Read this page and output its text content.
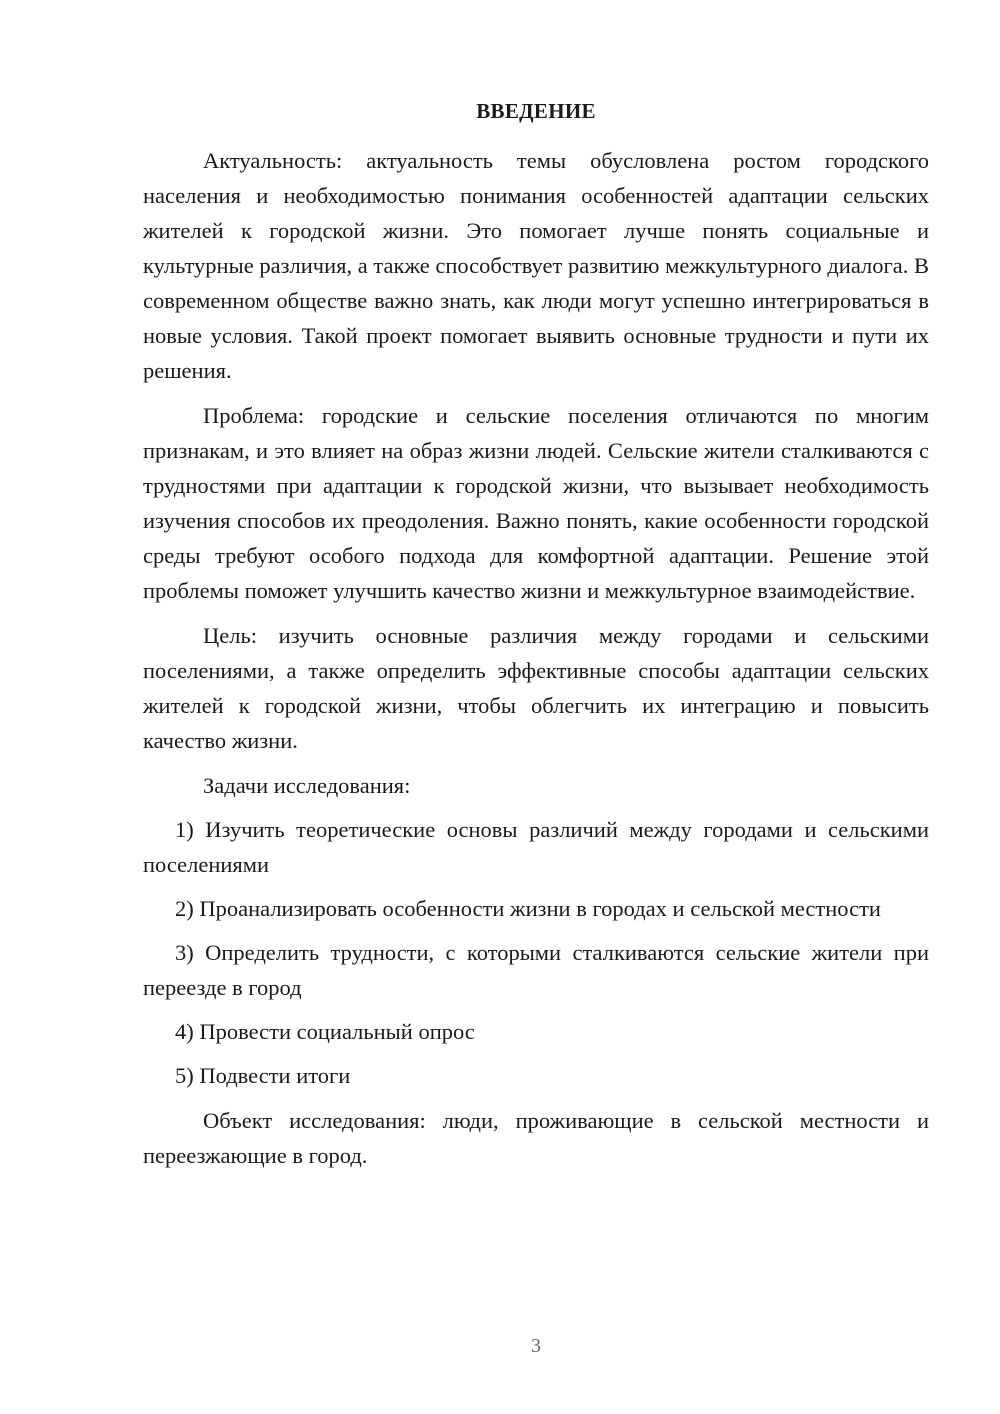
ВВЕДЕНИЕ

Актуальность: актуальность темы обусловлена ростом городского населения и необходимостью понимания особенностей адаптации сельских жителей к городской жизни. Это помогает лучше понять социальные и культурные различия, а также способствует развитию межкультурного диалога. В современном обществе важно знать, как люди могут успешно интегрироваться в новые условия. Такой проект помогает выявить основные трудности и пути их решения.

Проблема: городские и сельские поселения отличаются по многим признакам, и это влияет на образ жизни людей. Сельские жители сталкиваются с трудностями при адаптации к городской жизни, что вызывает необходимость изучения способов их преодоления. Важно понять, какие особенности городской среды требуют особого подхода для комфортной адаптации. Решение этой проблемы поможет улучшить качество жизни и межкультурное взаимодействие.

Цель: изучить основные различия между городами и сельскими поселениями, а также определить эффективные способы адаптации сельских жителей к городской жизни, чтобы облегчить их интеграцию и повысить качество жизни.

Задачи исследования:

1) Изучить теоретические основы различий между городами и сельскими поселениями

2) Проанализировать особенности жизни в городах и сельской местности

3) Определить трудности, с которыми сталкиваются сельские жители при переезде в город

4) Провести социальный опрос

5) Подвести итоги

Объект исследования: люди, проживающие в сельской местности и переезжающие в город.

3
